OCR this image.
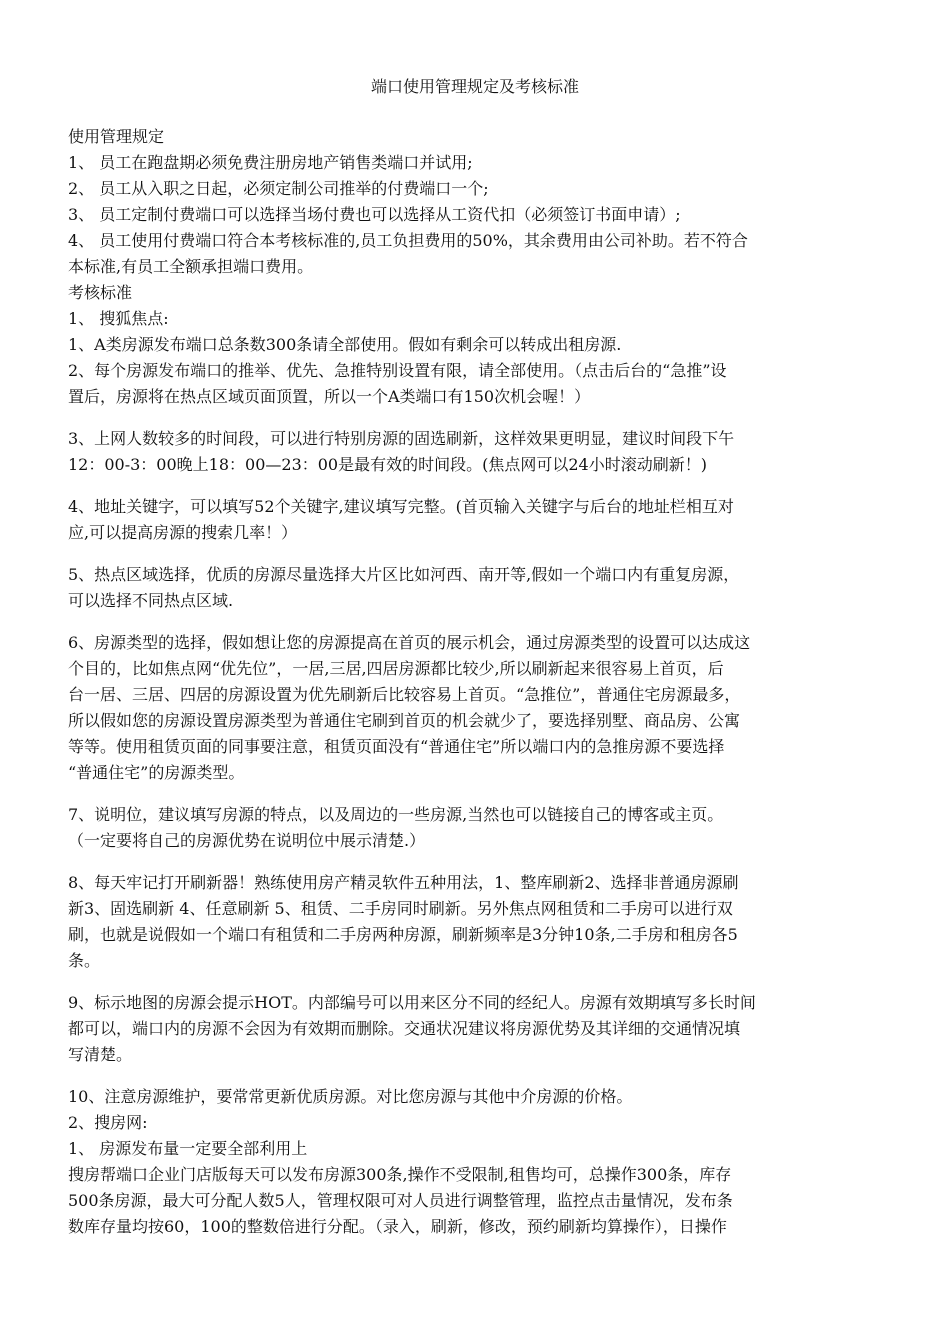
端口使用管理规定及考核标准
使用管理规定
1、 员工在跑盘期必须免费注册房地产销售类端口并试用;
2、 员工从入职之日起，必须定制公司推举的付费端口一个;
3、 员工定制付费端口可以选择当场付费也可以选择从工资代扣（必须签订书面申请）;
4、 员工使用付费端口符合本考核标准的,员工负担费用的50%，其余费用由公司补助。若不符合
本标准,有员工全额承担端口费用。
考核标准
1、 搜狐焦点:
1、A类房源发布端口总条数300条请全部使用。假如有剩余可以转成出租房源.
2、每个房源发布端口的推举、优先、急推特别设置有限，请全部使用。（点击后台的“急推”设
置后，房源将在热点区域页面顶置，所以一个A类端口有150次机会喔！）
3、上网人数较多的时间段，可以进行特别房源的固选刷新，这样效果更明显，建议时间段下午
12：00-3：00晚上18：00—23：00是最有效的时间段。(焦点网可以24小时滚动刷新！)
4、地址关键字，可以填写52个关键字,建议填写完整。(首页输入关键字与后台的地址栏相互对
应,可以提高房源的搜索几率！）
5、热点区域选择，优质的房源尽量选择大片区比如河西、南开等,假如一个端口内有重复房源，
可以选择不同热点区域.
6、房源类型的选择，假如想让您的房源提高在首页的展示机会，通过房源类型的设置可以达成这
个目的，比如焦点网“优先位”，一居,三居,四居房源都比较少,所以刷新起来很容易上首页，后
台一居、三居、四居的房源设置为优先刷新后比较容易上首页。“急推位”，普通住宅房源最多，
所以假如您的房源设置房源类型为普通住宅刷到首页的机会就少了，要选择别墅、商品房、公寓
等等。使用租赁页面的同事要注意，租赁页面没有“普通住宅”所以端口内的急推房源不要选择
“普通住宅”的房源类型。
7、说明位，建议填写房源的特点，以及周边的一些房源,当然也可以链接自己的博客或主页。
（一定要将自己的房源优势在说明位中展示清楚.）
8、每天牢记打开刷新器！熟练使用房产精灵软件五种用法，1、整库刷新2、选择非普通房源刷
新3、固选刷新 4、任意刷新 5、租赁、二手房同时刷新。另外焦点网租赁和二手房可以进行双
刷，也就是说假如一个端口有租赁和二手房两种房源，刷新频率是3分钟10条,二手房和租房各5
条。
9、标示地图的房源会提示HOT。内部编号可以用来区分不同的经纪人。房源有效期填写多长时间
都可以，端口内的房源不会因为有效期而删除。交通状况建议将房源优势及其详细的交通情况填
写清楚。
10、注意房源维护，要常常更新优质房源。对比您房源与其他中介房源的价格。
2、搜房网:
1、 房源发布量一定要全部利用上
搜房帮端口企业门店版每天可以发布房源300条,操作不受限制,租售均可，总操作300条，库存
500条房源，最大可分配人数5人，管理权限可对人员进行调整管理，监控点击量情况，发布条
数库存量均按60，100的整数倍进行分配。（录入，刷新，修改，预约刷新均算操作），日操作
